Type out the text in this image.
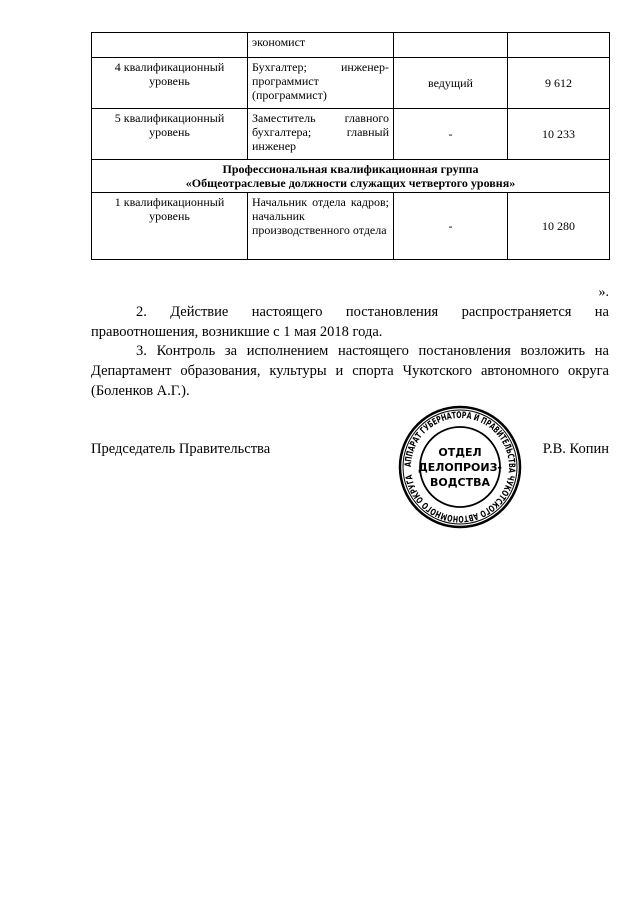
	экономист		
4 квалификационный уровень	Бухгалтер; инженер-программист (программист)	ведущий	9 612
5 квалификационный уровень	Заместитель главного бухгалтера; главный инженер	-	10 233

Профессиональная квалификационная группа
«Общеотраслевые должности служащих четвертого уровня»			

1 квалификационный уровень	Начальник отдела кадров; начальник производственного отдела	-	10 280
».

2. Действие настоящего постановления распространяется на правоотношения, возникшие с 1 мая 2018 года.

3. Контроль за исполнением настоящего постановления возложить на Департамент образования, культуры и спорта Чукотского автономного округа (Боленков А.Г.).

Председатель Правительства	Р.В. Копин
АППАРАТ ГУБЕРНАТОРА И ПРАВИТЕЛЬСТВА ЧУКОТСКОГО АВТОНОМНОГО ОКРУГА
ОТДЕЛ
ДЕЛОПРОИЗ-
ВОДСТВА
